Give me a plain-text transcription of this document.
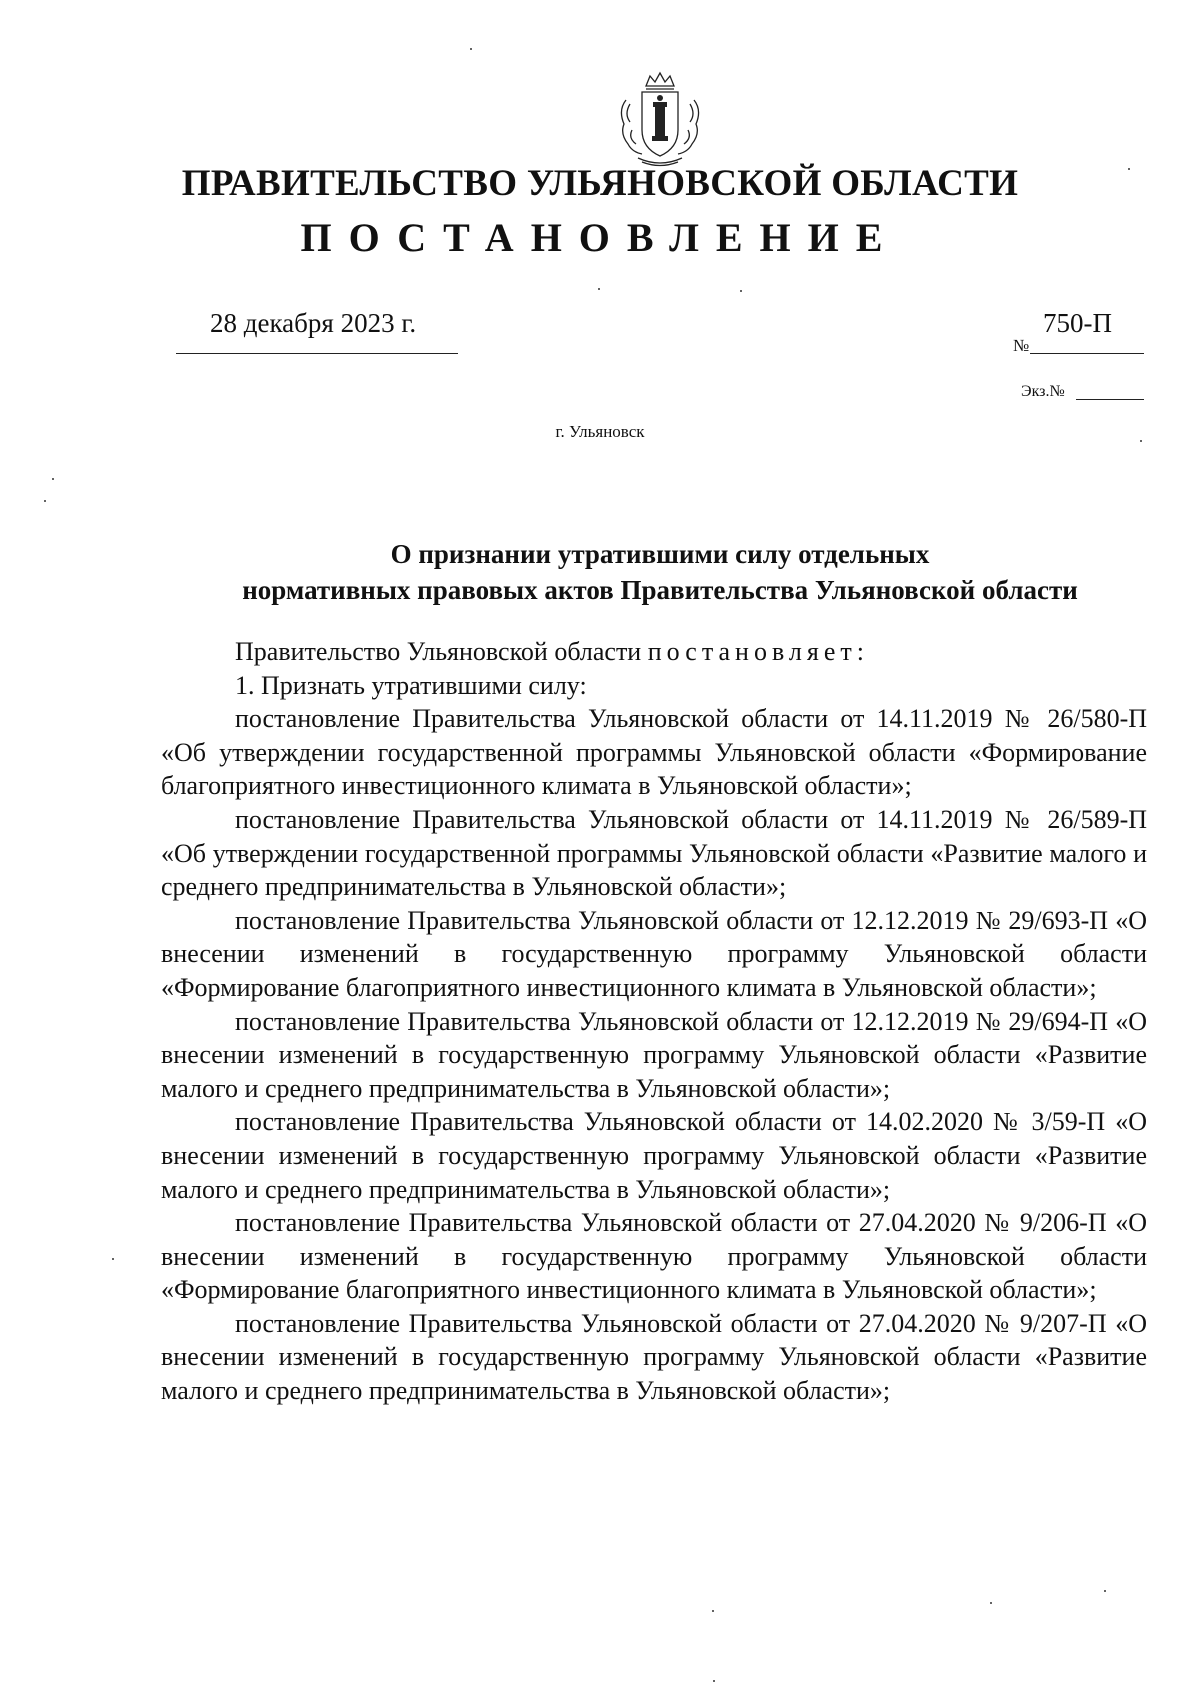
ПРАВИТЕЛЬСТВО УЛЬЯНОВСКОЙ ОБЛАСТИ
ПОСТАНОВЛЕНИЕ
28 декабря 2023 г.	750-П
№
Экз.№
г. Ульяновск
О признании утратившими силу отдельных
нормативных правовых актов Правительства Ульяновской области

Правительство Ульяновской области постановляет:

1. Признать утратившими силу:

постановление Правительства Ульяновской области от 14.11.2019 № 26/580-П «Об утверждении государственной программы Ульяновской области «Формирование благоприятного инвестиционного климата в Ульяновской области»;

постановление Правительства Ульяновской области от 14.11.2019 № 26/589-П «Об утверждении государственной программы Ульяновской области «Развитие малого и среднего предпринимательства в Ульяновской области»;

постановление Правительства Ульяновской области от 12.12.2019 № 29/693-П «О внесении изменений в государственную программу Ульяновской области «Формирование благоприятного инвестиционного климата в Ульяновской области»;

постановление Правительства Ульяновской области от 12.12.2019 № 29/694-П «О внесении изменений в государственную программу Ульяновской области «Развитие малого и среднего предпринимательства в Ульяновской области»;

постановление Правительства Ульяновской области от 14.02.2020 № 3/59-П «О внесении изменений в государственную программу Ульяновской области «Развитие малого и среднего предпринимательства в Ульяновской области»;

постановление Правительства Ульяновской области от 27.04.2020 № 9/206-П «О внесении изменений в государственную программу Ульяновской области «Формирование благоприятного инвестиционного климата в Ульяновской области»;

постановление Правительства Ульяновской области от 27.04.2020 № 9/207-П «О внесении изменений в государственную программу Ульяновской области «Развитие малого и среднего предпринимательства в Ульяновской области»;
